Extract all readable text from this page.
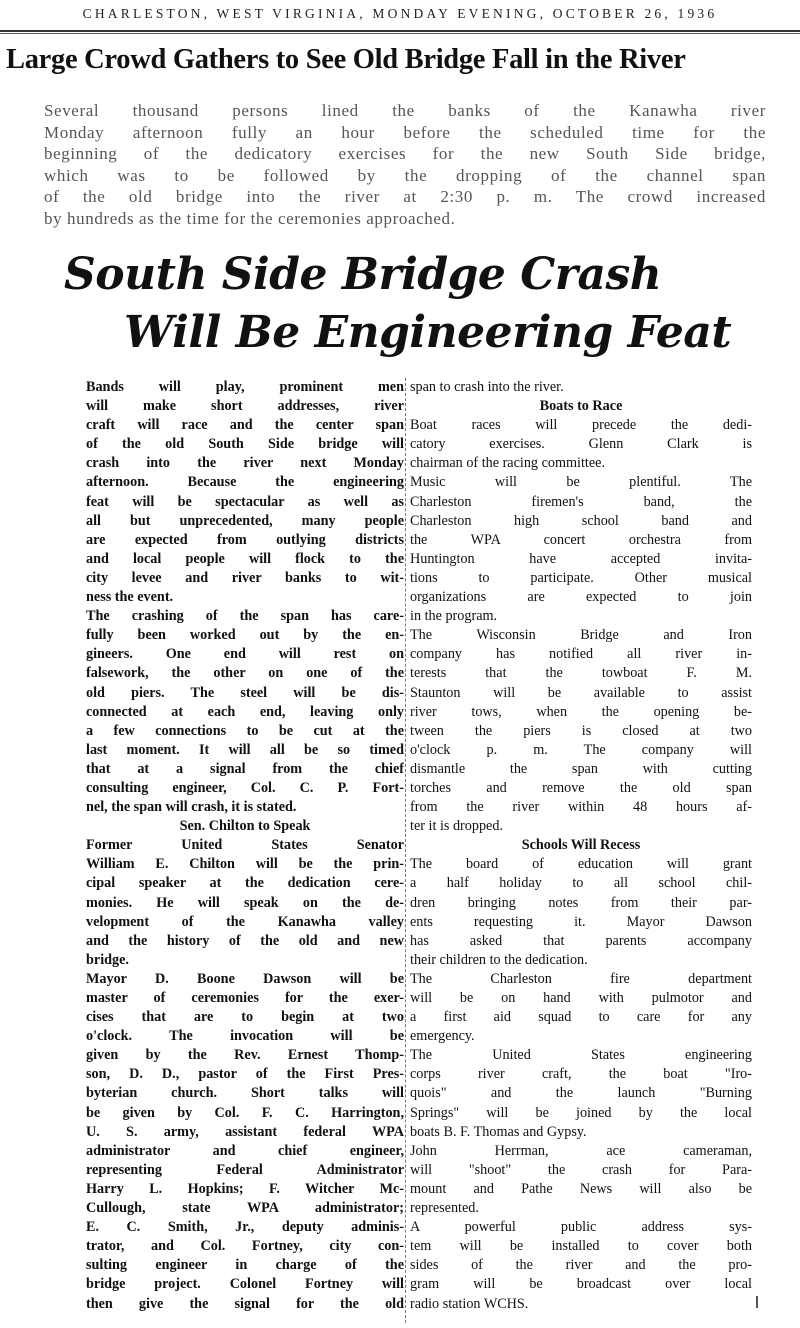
CHARLESTON, WEST VIRGINIA, MONDAY EVENING, OCTOBER 26, 1936
Large Crowd Gathers to See Old Bridge Fall in the River
Several thousand persons lined the banks of the Kanawha river
Monday afternoon fully an hour before the scheduled time for the
beginning of the dedicatory exercises for the new South Side bridge,
which was to be followed by the dropping of the channel span
of the old bridge into the river at 2:30 p. m. The crowd increased
by hundreds as the time for the ceremonies approached.
South Side Bridge Crash
Will Be Engineering Feat
Bands will play, prominent men
will make short addresses, river
craft will race and the center span
of the old South Side bridge will
crash into the river next Monday
afternoon. Because the engineering
feat will be spectacular as well as
all but unprecedented, many people
are expected from outlying districts
and local people will flock to the
city levee and river banks to wit-
ness the event.
The crashing of the span has care-
fully been worked out by the en-
gineers. One end will rest on
falsework, the other on one of the
old piers. The steel will be dis-
connected at each end, leaving only
a few connections to be cut at the
last moment. It will all be so timed
that at a signal from the chief
consulting engineer, Col. C. P. Fort-
nel, the span will crash, it is stated.
Sen. Chilton to Speak
Former United States Senator
William E. Chilton will be the prin-
cipal speaker at the dedication cere-
monies. He will speak on the de-
velopment of the Kanawha valley
and the history of the old and new
bridge.
Mayor D. Boone Dawson will be
master of ceremonies for the exer-
cises that are to begin at two
o'clock. The invocation will be
given by the Rev. Ernest Thomp-
son, D. D., pastor of the First Pres-
byterian church. Short talks will
be given by Col. F. C. Harrington,
U. S. army, assistant federal WPA
administrator and chief engineer,
representing Federal Administrator
Harry L. Hopkins; F. Witcher Mc-
Cullough, state WPA administrator;
E. C. Smith, Jr., deputy adminis-
trator, and Col. Fortney, city con-
sulting engineer in charge of the
bridge project. Colonel Fortney will
then give the signal for the old
span to crash into the river.
Boats to Race
Boat races will precede the dedi-
catory exercises. Glenn Clark is
chairman of the racing committee.
Music will be plentiful. The
Charleston firemen's band, the
Charleston high school band and
the WPA concert orchestra from
Huntington have accepted invita-
tions to participate. Other musical
organizations are expected to join
in the program.
The Wisconsin Bridge and Iron
company has notified all river in-
terests that the towboat F. M.
Staunton will be available to assist
river tows, when the opening be-
tween the piers is closed at two
o'clock p. m. The company will
dismantle the span with cutting
torches and remove the old span
from the river within 48 hours af-
ter it is dropped.
Schools Will Recess
The board of education will grant
a half holiday to all school chil-
dren bringing notes from their par-
ents requesting it. Mayor Dawson
has asked that parents accompany
their children to the dedication.
The Charleston fire department
will be on hand with pulmotor and
a first aid squad to care for any
emergency.
The United States engineering
corps river craft, the boat "Iro-
quois" and the launch "Burning
Springs" will be joined by the local
boats B. F. Thomas and Gypsy.
John Herrman, ace cameraman,
will "shoot" the crash for Para-
mount and Pathe News will also be
represented.
A powerful public address sys-
tem will be installed to cover both
sides of the river and the pro-
gram will be broadcast over local
radio station WCHS.
